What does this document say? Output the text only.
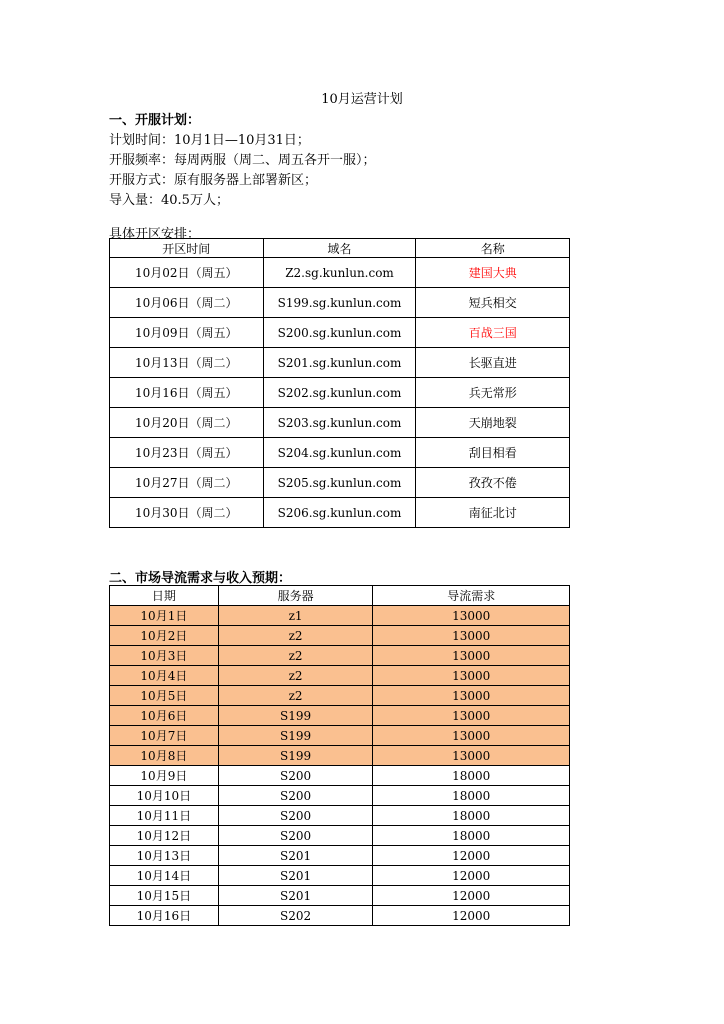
10月运营计划
一、开服计划：
计划时间：10月1日—10月31日；
开服频率：每周两服（周二、周五各开一服）；
开服方式：原有服务器上部署新区；
导入量：40.5万人；
具体开区安排：
开区时间	域名	名称
10月02日（周五）	Z2.sg.kunlun.com	建国大典
10月06日（周二）	S199.sg.kunlun.com	短兵相交
10月09日（周五）	S200.sg.kunlun.com	百战三国
10月13日（周二）	S201.sg.kunlun.com	长驱直进
10月16日（周五）	S202.sg.kunlun.com	兵无常形
10月20日（周二）	S203.sg.kunlun.com	天崩地裂
10月23日（周五）	S204.sg.kunlun.com	刮目相看
10月27日（周二）	S205.sg.kunlun.com	孜孜不倦
10月30日（周二）	S206.sg.kunlun.com	南征北讨
二、市场导流需求与收入预期：
日期	服务器	导流需求
10月1日	z1	13000
10月2日	z2	13000
10月3日	z2	13000
10月4日	z2	13000
10月5日	z2	13000
10月6日	S199	13000
10月7日	S199	13000
10月8日	S199	13000
10月9日	S200	18000
10月10日	S200	18000
10月11日	S200	18000
10月12日	S200	18000
10月13日	S201	12000
10月14日	S201	12000
10月15日	S201	12000
10月16日	S202	12000
